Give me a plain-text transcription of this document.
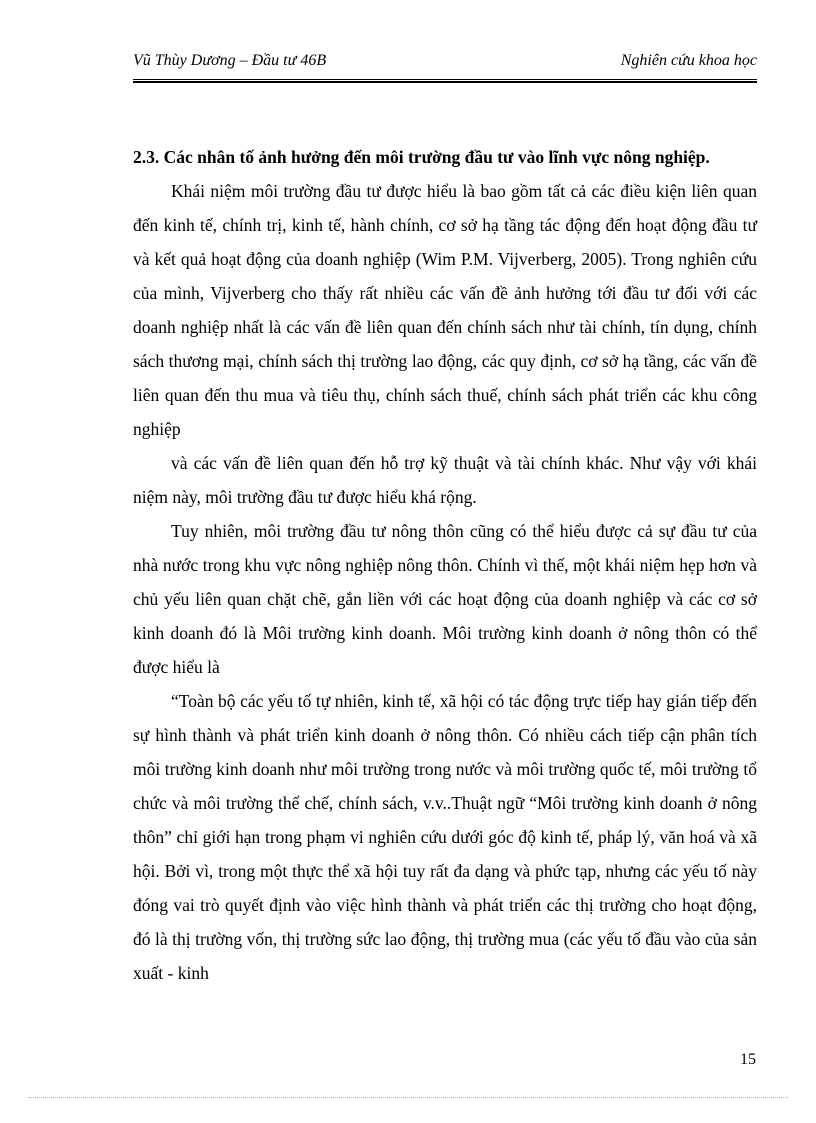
Vũ Thùy Dương – Đầu tư 46B	Nghiên cứu khoa học

2.3. Các nhân tố ảnh hưởng đến môi trường đầu tư vào lĩnh vực nông nghiệp.

Khái niệm môi trường đầu tư được hiểu là bao gồm tất cả các điều kiện liên quan đến kinh tế, chính trị, kinh tế, hành chính, cơ sở hạ tầng tác động đến hoạt động đầu tư và kết quả hoạt động của doanh nghiệp (Wim P.M. Vijverberg, 2005). Trong nghiên cứu của mình, Vijverberg cho thấy rất nhiều các vấn đề ảnh hưởng tới đầu tư đối với các doanh nghiệp nhất là các vấn đề liên quan đến chính sách như tài chính, tín dụng, chính sách thương mại, chính sách thị trường lao động, các quy định, cơ sở hạ tầng, các vấn đề liên quan đến thu mua và tiêu thụ, chính sách thuế, chính sách phát triển các khu công nghiệp

và các vấn đề liên quan đến hỗ trợ kỹ thuật và tài chính khác. Như vậy với khái niệm này, môi trường đầu tư được hiểu khá rộng.

Tuy nhiên, môi trường đầu tư nông thôn cũng có thể hiểu được cả sự đầu tư của nhà nước trong khu vực nông nghiệp nông thôn. Chính vì thế, một khái niệm hẹp hơn và chủ yếu liên quan chặt chẽ, gắn liền với các hoạt động của doanh nghiệp và các cơ sở kinh doanh đó là Môi trường kinh doanh. Môi trường kinh doanh ở nông thôn có thể được hiểu là

“Toàn bộ các yếu tố tự nhiên, kinh tế, xã hội có tác động trực tiếp hay gián tiếp đến sự hình thành và phát triển kinh doanh ở nông thôn. Có nhiều cách tiếp cận phân tích môi trường kinh doanh như môi trường trong nước và môi trường quốc tế, môi trường tổ chức và môi trường thể chế, chính sách, v.v..Thuật ngữ “Môi trường kinh doanh ở nông thôn” chỉ giới hạn trong phạm vi nghiên cứu dưới góc độ kinh tế, pháp lý, văn hoá và xã hội. Bởi vì, trong một thực thể xã hội tuy rất đa dạng và phức tạp, nhưng các yếu tố này đóng vai trò quyết định vào việc hình thành và phát triển các thị trường cho hoạt động, đó là thị trường vốn, thị trường sức lao động, thị trường mua (các yếu tố đầu vào của sản xuất - kinh

15
